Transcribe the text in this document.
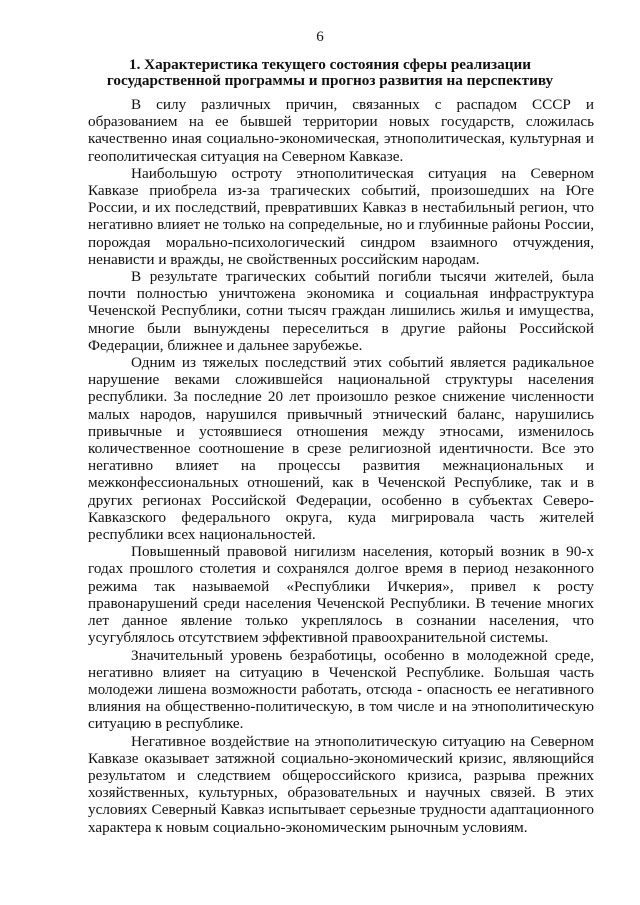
6
1. Характеристика текущего состояния сферы реализации государственной программы и прогноз развития на перспективу

В силу различных причин, связанных с распадом СССР и образованием на ее бывшей территории новых государств, сложилась качественно иная социально-экономическая, этнополитическая, культурная и геополитическая ситуация на Северном Кавказе.

Наибольшую остроту этнополитическая ситуация на Северном Кавказе приобрела из-за трагических событий, произошедших на Юге России, и их последствий, превративших Кавказ в нестабильный регион, что негативно влияет не только на сопредельные, но и глубинные районы России, порождая морально-психологический синдром взаимного отчуждения, ненависти и вражды, не свойственных российским народам.

В результате трагических событий погибли тысячи жителей, была почти полностью уничтожена экономика и социальная инфраструктура Чеченской Республики, сотни тысяч граждан лишились жилья и имущества, многие были вынуждены переселиться в другие районы Российской Федерации, ближнее и дальнее зарубежье.

Одним из тяжелых последствий этих событий является радикальное нарушение веками сложившейся национальной структуры населения республики. За последние 20 лет произошло резкое снижение численности малых народов, нарушился привычный этнический баланс, нарушились привычные и устоявшиеся отношения между этносами, изменилось количественное соотношение в срезе религиозной идентичности. Все это негативно влияет на процессы развития межнациональных и межконфессиональных отношений, как в Чеченской Республике, так и в других регионах Российской Федерации, особенно в субъектах Северо-Кавказского федерального округа, куда мигрировала часть жителей республики всех национальностей.

Повышенный правовой нигилизм населения, который возник в 90-х годах прошлого столетия и сохранялся долгое время в период незаконного режима так называемой «Республики Ичкерия», привел к росту правонарушений среди населения Чеченской Республики. В течение многих лет данное явление только укреплялось в сознании населения, что усугублялось отсутствием эффективной правоохранительной системы.

Значительный уровень безработицы, особенно в молодежной среде, негативно влияет на ситуацию в Чеченской Республике. Большая часть молодежи лишена возможности работать, отсюда - опасность ее негативного влияния на общественно-политическую, в том числе и на этнополитическую ситуацию в республике.

Негативное воздействие на этнополитическую ситуацию на Северном Кавказе оказывает затяжной социально-экономический кризис, являющийся результатом и следствием общероссийского кризиса, разрыва прежних хозяйственных, культурных, образовательных и научных связей. В этих условиях Северный Кавказ испытывает серьезные трудности адаптационного характера к новым социально-экономическим рыночным условиям.
